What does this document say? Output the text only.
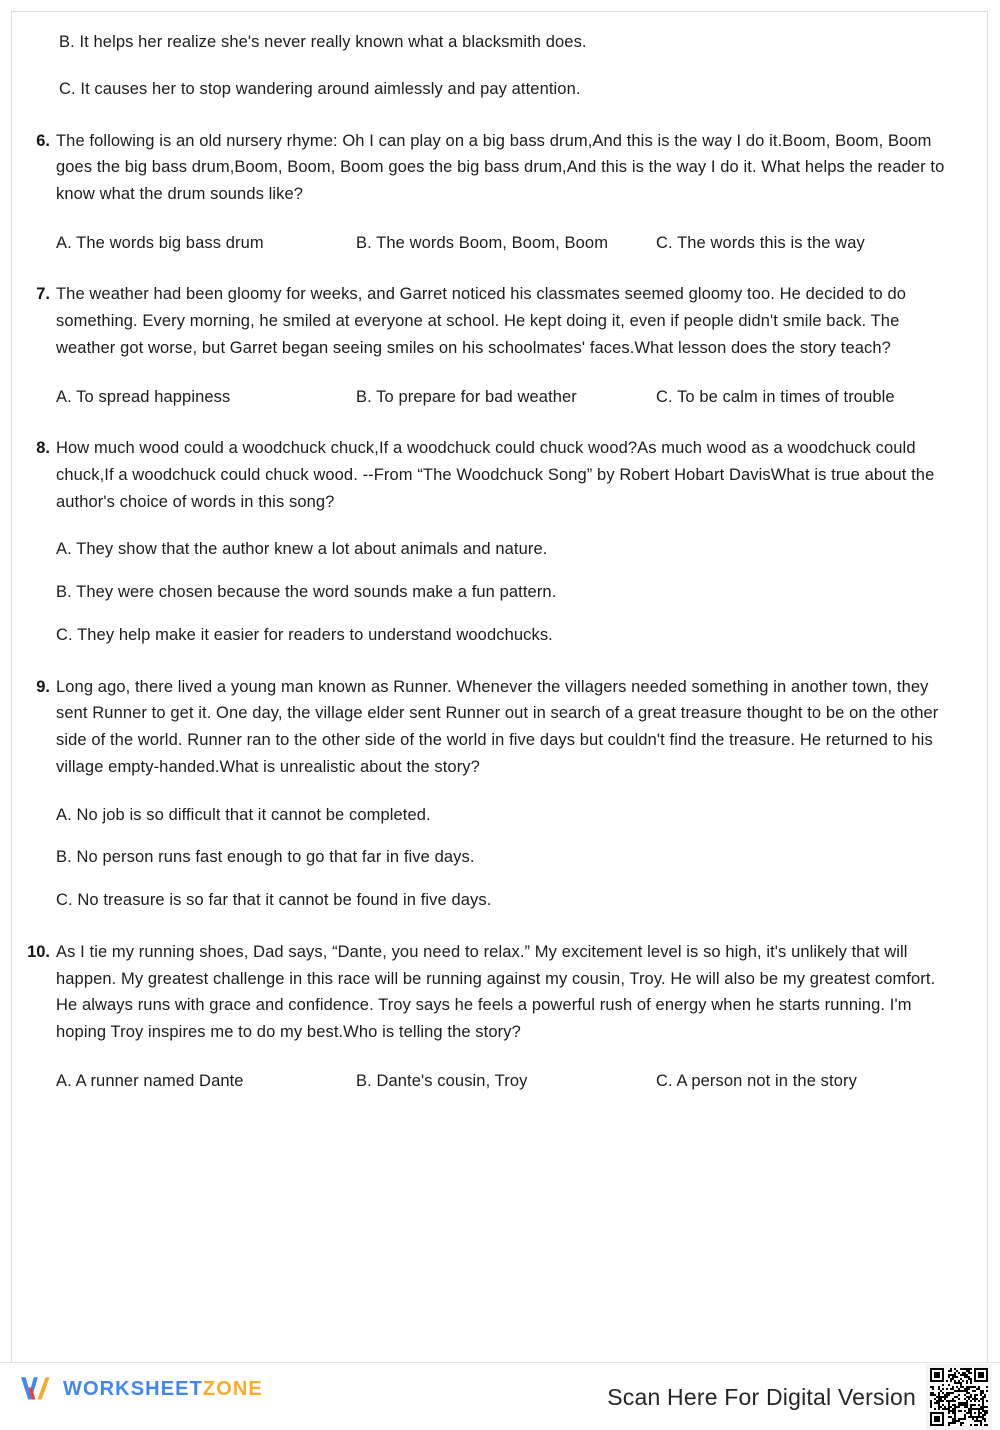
B. It helps her realize she's never really known what a blacksmith does.
C. It causes her to stop wandering around aimlessly and pay attention.
6. The following is an old nursery rhyme: Oh I can play on a big bass drum,And this is the way I do it.Boom, Boom, Boom goes the big bass drum,Boom, Boom, Boom goes the big bass drum,And this is the way I do it. What helps the reader to know what the drum sounds like?
A. The words big bass drum	B. The words Boom, Boom, Boom	C. The words this is the way
7. The weather had been gloomy for weeks, and Garret noticed his classmates seemed gloomy too. He decided to do something. Every morning, he smiled at everyone at school. He kept doing it, even if people didn't smile back. The weather got worse, but Garret began seeing smiles on his schoolmates' faces.What lesson does the story teach?
A. To spread happiness	B. To prepare for bad weather	C. To be calm in times of trouble
8. How much wood could a woodchuck chuck,If a woodchuck could chuck wood?As much wood as a woodchuck could chuck,If a woodchuck could chuck wood. --From “The Woodchuck Song” by Robert Hobart DavisWhat is true about the author's choice of words in this song?
A. They show that the author knew a lot about animals and nature.
B. They were chosen because the word sounds make a fun pattern.
C. They help make it easier for readers to understand woodchucks.
9. Long ago, there lived a young man known as Runner. Whenever the villagers needed something in another town, they sent Runner to get it. One day, the village elder sent Runner out in search of a great treasure thought to be on the other side of the world. Runner ran to the other side of the world in five days but couldn't find the treasure. He returned to his village empty-handed.What is unrealistic about the story?
A. No job is so difficult that it cannot be completed.
B. No person runs fast enough to go that far in five days.
C. No treasure is so far that it cannot be found in five days.
10. As I tie my running shoes, Dad says, “Dante, you need to relax.” My excitement level is so high, it's unlikely that will happen. My greatest challenge in this race will be running against my cousin, Troy. He will also be my greatest comfort. He always runs with grace and confidence. Troy says he feels a powerful rush of energy when he starts running. I'm hoping Troy inspires me to do my best.Who is telling the story?
A. A runner named Dante	B. Dante's cousin, Troy	C. A person not in the story
WORKSHEETZONE	Scan Here For Digital Version
